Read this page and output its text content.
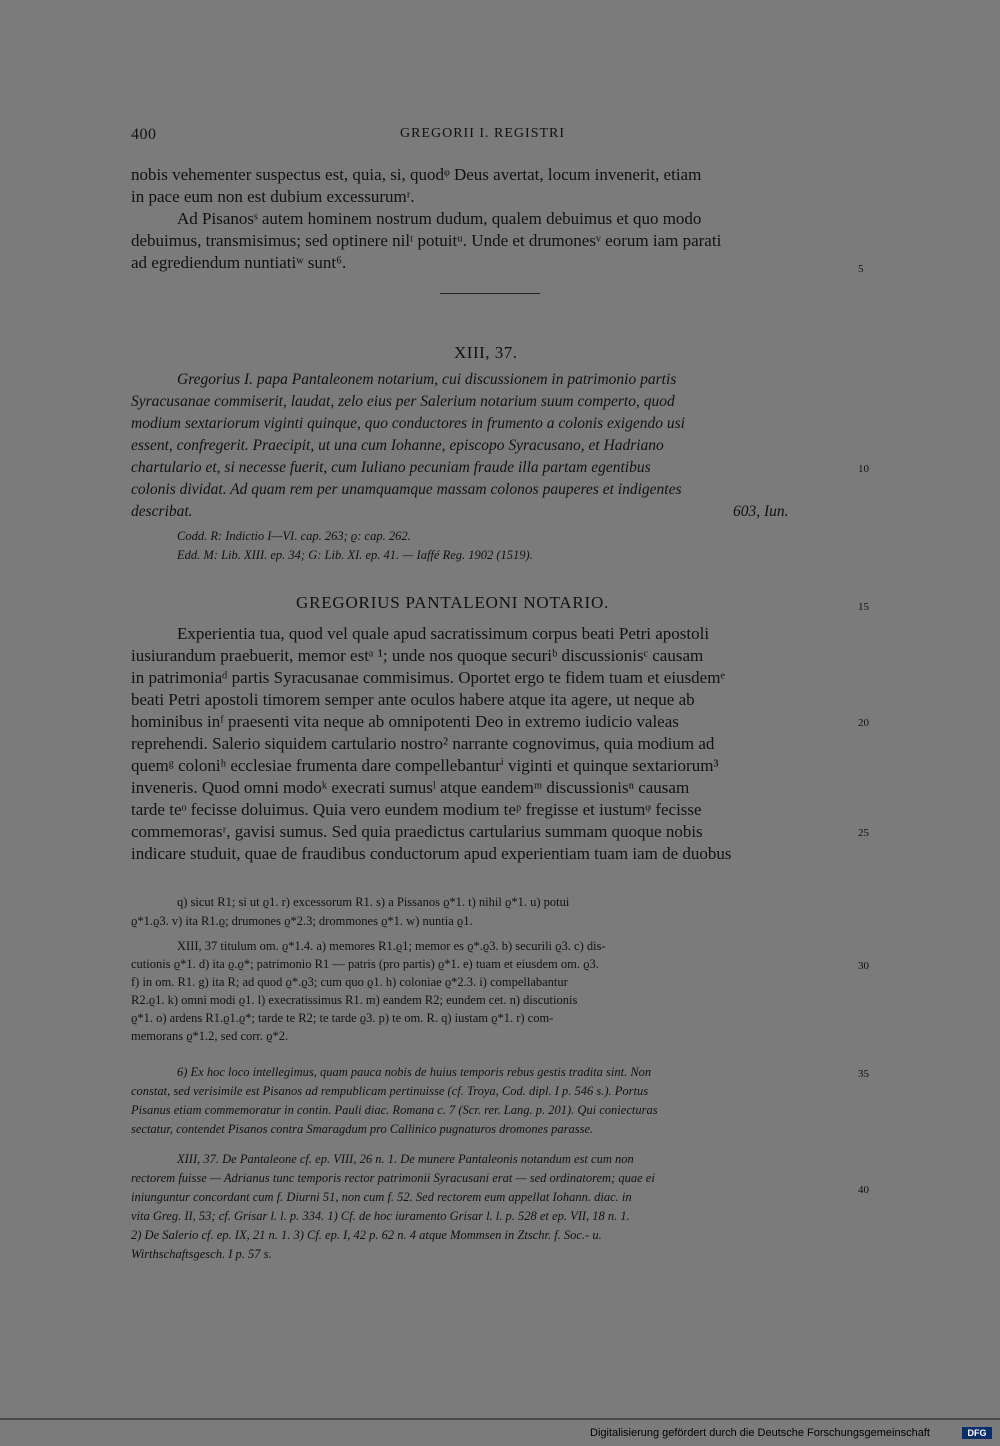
400	GREGORII I. REGISTRI
nobis vehementer suspectus est, quia, si, quodᵠ Deus avertat, locum invenerit, etiam
in pace eum non est dubium excessurumʳ.
Ad Pisanosˢ autem hominem nostrum dudum, qualem debuimus et quo modo
debuimus, transmisimus; sed optinere nilᵗ potuitᵘ. Unde et drumonesᵛ eorum iam parati
ad egrediendum nuntiatiʷ sunt⁶.
XIII, 37.
Gregorius I. papa Pantaleonem notarium, cui discussionem in patrimonio partis
Syracusanae commiserit, laudat, zelo eius per Salerium notarium suum comperto, quod
modium sextariorum viginti quinque, quo conductores in frumento a colonis exigendo usi
essent, confregerit. Praecipit, ut una cum Iohanne, episcopo Syracusano, et Hadriano
chartulario et, si necesse fuerit, cum Iuliano pecuniam fraude illa partam egentibus
colonis dividat. Ad quam rem per unamquamque massam colonos pauperes et indigentes
describat.	603, Iun.
Codd. R: Indictio I—VI. cap. 263; ϱ: cap. 262.
Edd. M: Lib. XIII. ep. 34; G: Lib. XI. ep. 41. — Iaffé Reg. 1902 (1519).
GREGORIUS PANTALEONI NOTARIO.
Experientia tua, quod vel quale apud sacratissimum corpus beati Petri apostoli
iusiurandum praebuerit, memor estᵃ ¹; unde nos quoque securiᵇ discussionisᶜ causam
in patrimoniaᵈ partis Syracusanae commisimus. Oportet ergo te fidem tuam et eiusdemᵉ
beati Petri apostoli timorem semper ante oculos habere atque ita agere, ut neque ab
hominibus inᶠ praesenti vita neque ab omnipotenti Deo in extremo iudicio valeas
reprehendi. Salerio siquidem cartulario nostro² narrante cognovimus, quia modium ad
quemᵍ coloniʰ ecclesiae frumenta dare compellebanturⁱ viginti et quinque sextariorum³
inveneris. Quod omni modoᵏ execrati sumusˡ atque eandemᵐ discussionisⁿ causam
tarde teᵒ fecisse doluimus. Quia vero eundem modium teᵖ fregisse et iustumᵠ fecisse
commemorasʳ, gavisi sumus. Sed quia praedictus cartularius summam quoque nobis
indicare studuit, quae de fraudibus conductorum apud experientiam tuam iam de duobus
q) sicut R1; si ut ϱ1. r) excessorum R1. s) a Pissanos ϱ*1. t) nihil ϱ*1. u) potui
ϱ*1.ϱ3. v) ita R1.ϱ; drumones ϱ*2.3; drommones ϱ*1. w) nuntia ϱ1.
XIII, 37 titulum om. ϱ*1.4. a) memores R1.ϱ1; memor es ϱ*.ϱ3. b) securili ϱ3. c) dis-
cutionis ϱ*1. d) ita ϱ.ϱ*; patrimonio R1 — patris (pro partis) ϱ*1. e) tuam et eiusdem om. ϱ3.
f) in om. R1. g) ita R; ad quod ϱ*.ϱ3; cum quo ϱ1. h) coloniae ϱ*2.3. i) compellabantur
R2.ϱ1. k) omni modi ϱ1. l) execratissimus R1. m) eandem R2; eundem cet. n) discutionis
ϱ*1. o) ardens R1.ϱ1.ϱ*; tarde te R2; te tarde ϱ3. p) te om. R. q) iustam ϱ*1. r) com-
memorans ϱ*1.2, sed corr. ϱ*2.
6) Ex hoc loco intellegimus, quam pauca nobis de huius temporis rebus gestis tradita sint. Non
constat, sed verisimile est Pisanos ad rempublicam pertinuisse (cf. Troya, Cod. dipl. I p. 546 s.). Portus
Pisanus etiam commemoratur in contin. Pauli diac. Romana c. 7 (Scr. rer. Lang. p. 201). Qui coniecturas
sectatur, contendet Pisanos contra Smaragdum pro Callinico pugnaturos dromones parasse.
XIII, 37. De Pantaleone cf. ep. VIII, 26 n. 1. De munere Pantaleonis notandum est cum non
rectorem fuisse — Adrianus tunc temporis rector patrimonii Syracusani erat — sed ordinatorem; quae ei
iniunguntur concordant cum f. Diurni 51, non cum f. 52. Sed rectorem eum appellat Iohann. diac. in
vita Greg. II, 53; cf. Grisar l. l. p. 334. 1) Cf. de hoc iuramento Grisar l. l. p. 528 et ep. VII, 18 n. 1.
2) De Salerio cf. ep. IX, 21 n. 1. 3) Cf. ep. I, 42 p. 62 n. 4 atque Mommsen in Ztschr. f. Soc.- u.
Wirthschaftsgesch. I p. 57 s.
5
10
15
20
25
30
35
40
Digitalisierung gefördert durch die Deutsche Forschungsgemeinschaft	DFG
